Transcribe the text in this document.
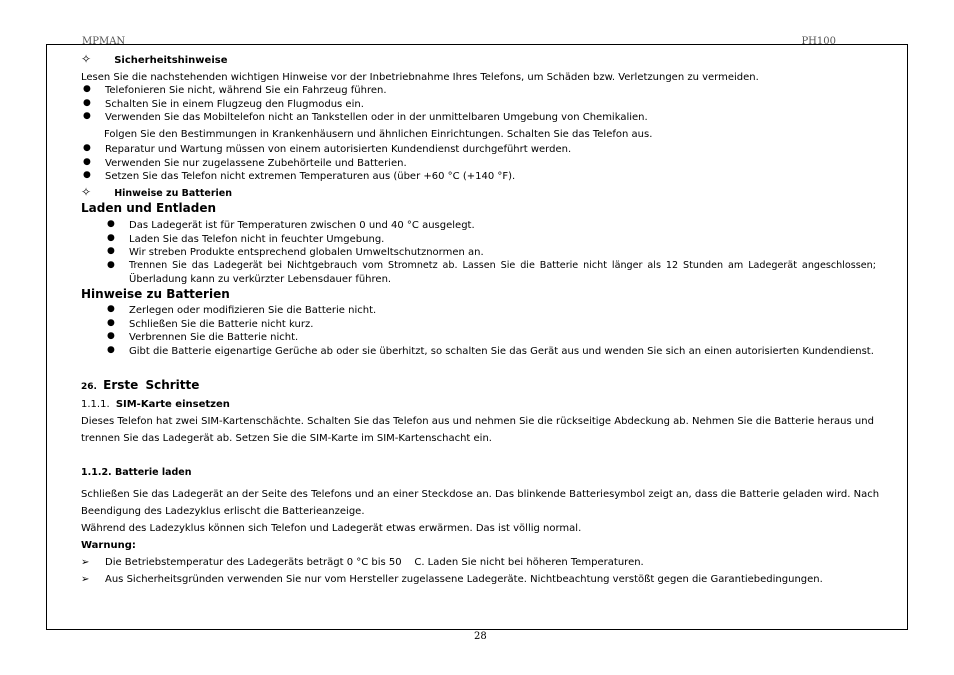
MPMAN	PH100
28
✧ Sicherheitshinweise
Lesen Sie die nachstehenden wichtigen Hinweise vor der Inbetriebnahme Ihres Telefons, um Schäden bzw. Verletzungen zu vermeiden.
● Telefonieren Sie nicht, während Sie ein Fahrzeug führen.
● Schalten Sie in einem Flugzeug den Flugmodus ein.
● Verwenden Sie das Mobiltelefon nicht an Tankstellen oder in der unmittelbaren Umgebung von Chemikalien.
Folgen Sie den Bestimmungen in Krankenhäusern und ähnlichen Einrichtungen. Schalten Sie das Telefon aus.
● Reparatur und Wartung müssen von einem autorisierten Kundendienst durchgeführt werden.
● Verwenden Sie nur zugelassene Zubehörteile und Batterien.
● Setzen Sie das Telefon nicht extremen Temperaturen aus (über +60 °C (+140 °F).
✧ Hinweise zu Batterien
Laden und Entladen
● Das Ladegerät ist für Temperaturen zwischen 0 und 40 °C ausgelegt.
● Laden Sie das Telefon nicht in feuchter Umgebung.
● Wir streben Produkte entsprechend globalen Umweltschutznormen an.
● Trennen Sie das Ladegerät bei Nichtgebrauch vom Stromnetz ab. Lassen Sie die Batterie nicht länger als 12 Stunden am Ladegerät angeschlossen;
Überladung kann zu verkürzter Lebensdauer führen.
Hinweise zu Batterien
● Zerlegen oder modifizieren Sie die Batterie nicht.
● Schließen Sie die Batterie nicht kurz.
● Verbrennen Sie die Batterie nicht.
● Gibt die Batterie eigenartige Gerüche ab oder sie überhitzt, so schalten Sie das Gerät aus und wenden Sie sich an einen autorisierten Kundendienst.
26. Erste Schritte
1.1.1. SIM-Karte einsetzen
Dieses Telefon hat zwei SIM-Kartenschächte. Schalten Sie das Telefon aus und nehmen Sie die rückseitige Abdeckung ab. Nehmen Sie die Batterie heraus und
trennen Sie das Ladegerät ab. Setzen Sie die SIM-Karte im SIM-Kartenschacht ein.
1.1.2. Batterie laden
Schließen Sie das Ladegerät an der Seite des Telefons und an einer Steckdose an. Das blinkende Batteriesymbol zeigt an, dass die Batterie geladen wird. Nach
Beendigung des Ladezyklus erlischt die Batterieanzeige.
Während des Ladezyklus können sich Telefon und Ladegerät etwas erwärmen. Das ist völlig normal.
Warnung:
➢ Die Betriebstemperatur des Ladegeräts beträgt 0 °C bis 50    C. Laden Sie nicht bei höheren Temperaturen.
➢ Aus Sicherheitsgründen verwenden Sie nur vom Hersteller zugelassene Ladegeräte. Nichtbeachtung verstößt gegen die Garantiebedingungen.
